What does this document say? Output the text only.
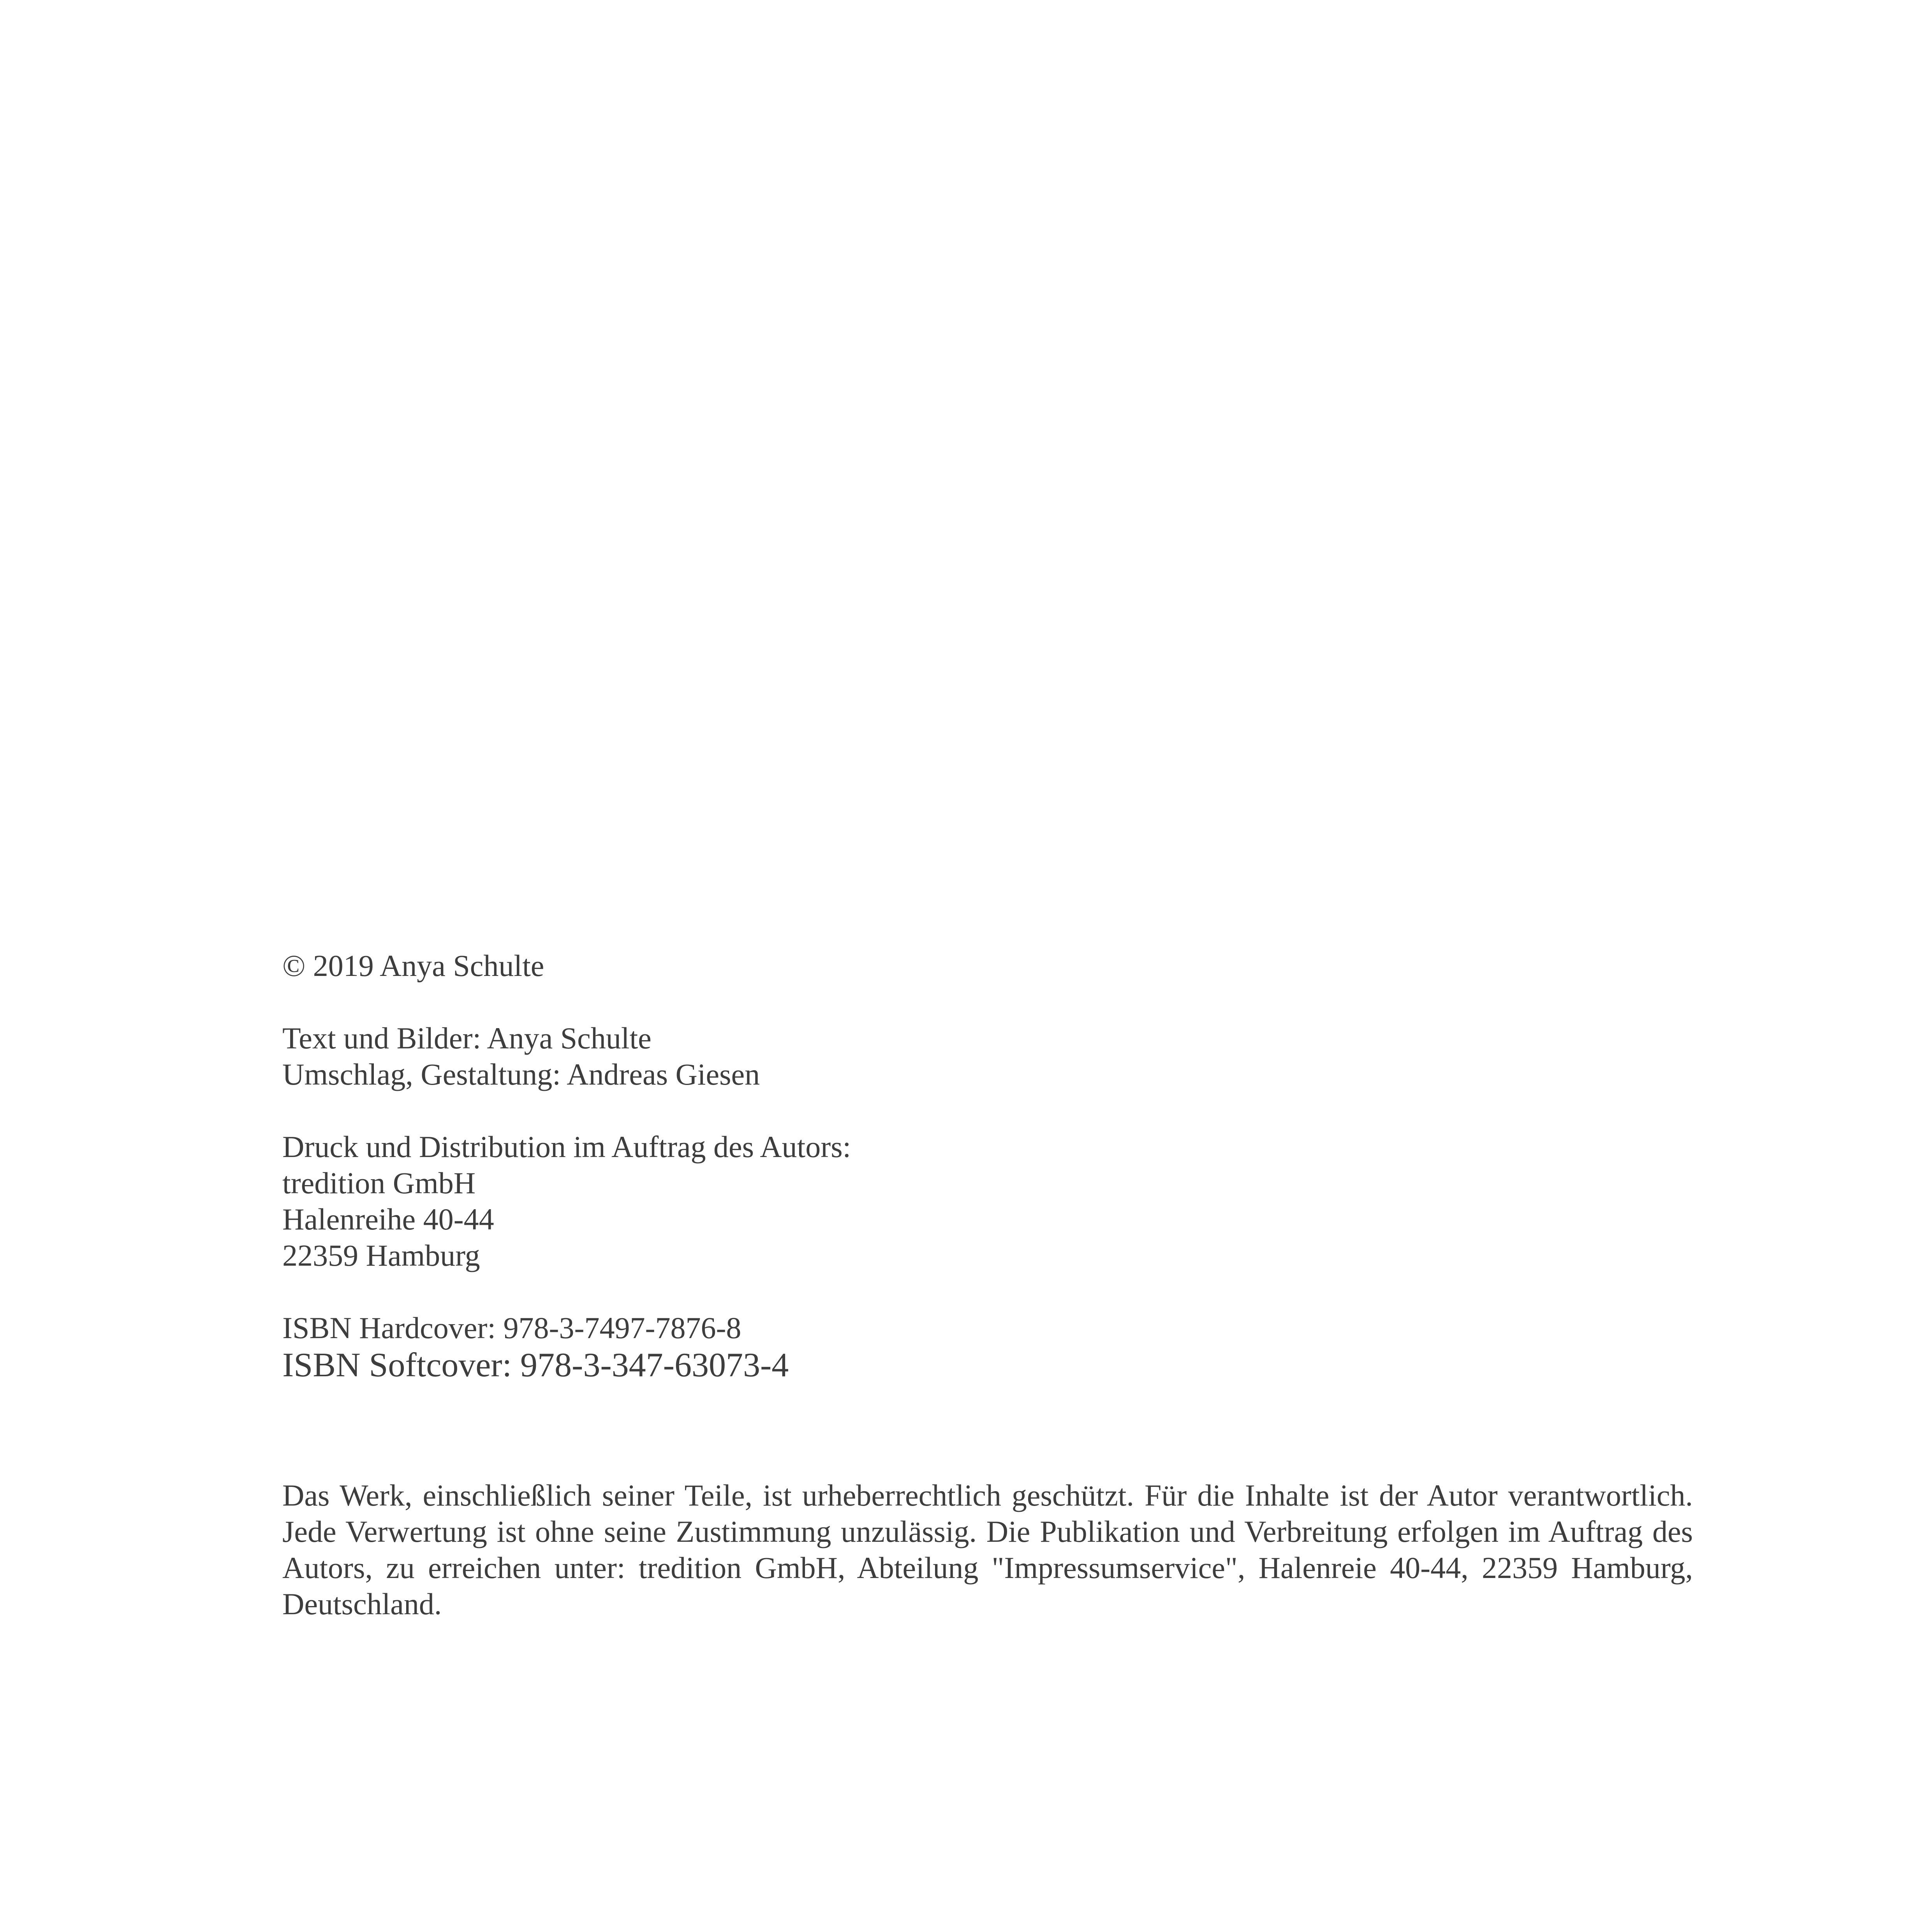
© 2019 Anya Schulte

Text und Bilder: Anya Schulte

Umschlag, Gestaltung: Andreas Giesen

Druck und Distribution im Auftrag des Autors:

tredition GmbH

Halenreihe 40-44

22359 Hamburg

ISBN Hardcover: 978-3-7497-7876-8

ISBN Softcover: 978-3-347-63073-4

Das Werk, einschließlich seiner Teile, ist urheberrechtlich geschützt. Für die Inhalte ist der Autor verantwortlich. Jede Verwertung ist ohne seine Zustimmung unzulässig. Die Publikation und Verbreitung erfolgen im Auftrag des Autors, zu erreichen unter: tredition GmbH, Abteilung "Impressumservice", Halenreie 40-44, 22359 Hamburg, Deutschland.
